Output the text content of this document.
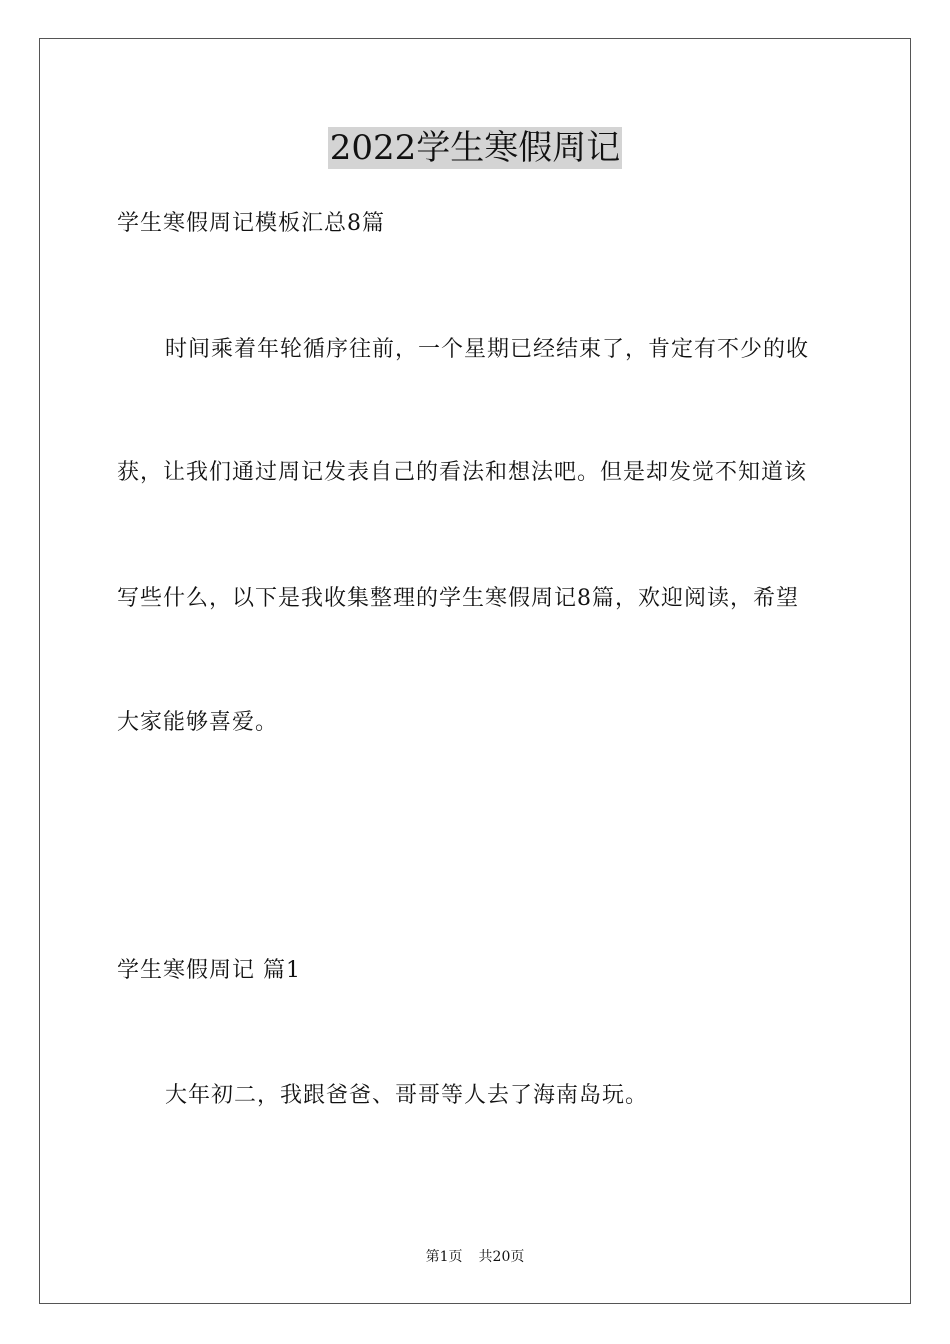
2022学生寒假周记
学生寒假周记模板汇总8篇
时间乘着年轮循序往前，一个星期已经结束了，肯定有不少的收
获，让我们通过周记发表自己的看法和想法吧。但是却发觉不知道该
写些什么，以下是我收集整理的学生寒假周记8篇，欢迎阅读，希望
大家能够喜爱。
学生寒假周记 篇1
大年初二，我跟爸爸、哥哥等人去了海南岛玩。
第1页 共20页
